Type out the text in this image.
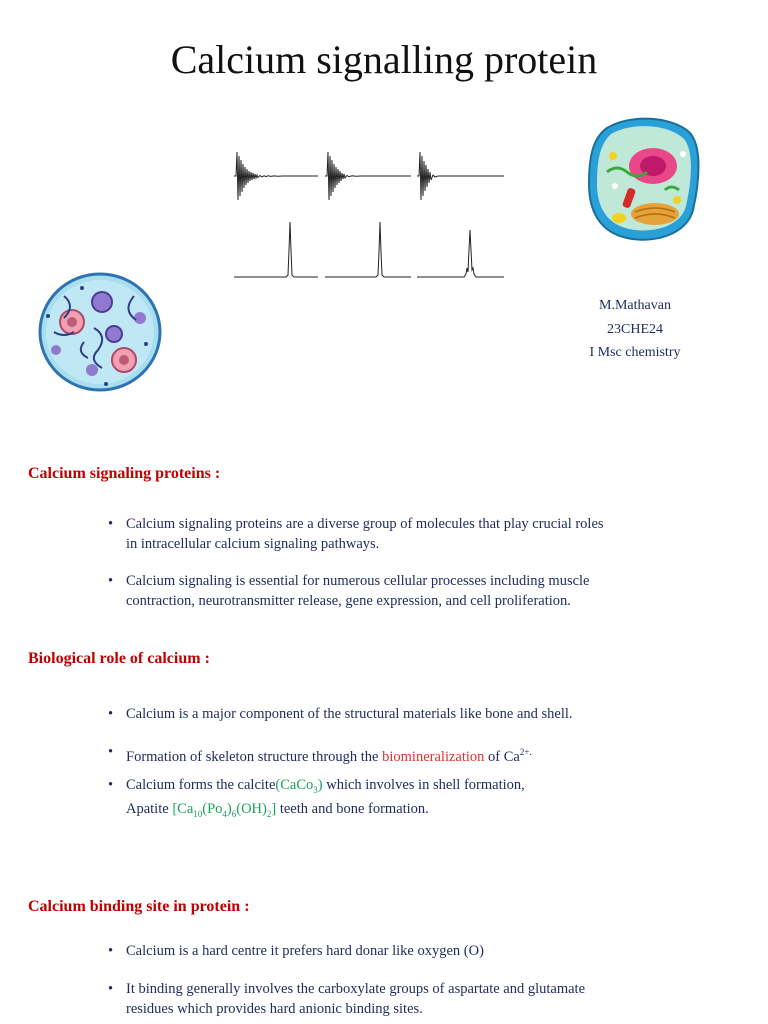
Calcium signalling protein
M.Mathavan
23CHE24
I Msc chemistry
Calcium signaling proteins :
• Calcium signaling proteins are a diverse group of molecules that play crucial roles
in intracellular calcium signaling pathways.
• Calcium signaling is essential for numerous cellular processes including muscle
contraction, neurotransmitter release, gene expression, and cell proliferation.
Biological role of calcium :
• Calcium is a major component of the structural materials like bone and shell.
• Formation of skeleton structure through the biomineralization of $Ca^{2+.}$
• Calcium forms the calcite(CaCo$_3$) which involves in shell formation,
Apatite $[Ca_{10}(Po_4)_6(OH)_2]$ teeth and bone formation.
Calcium binding site in protein :
• Calcium is a hard centre it prefers hard donar like oxygen (O)
• It binding generally involves the carboxylate groups of aspartate and glutamate
residues which provides hard anionic binding sites.
